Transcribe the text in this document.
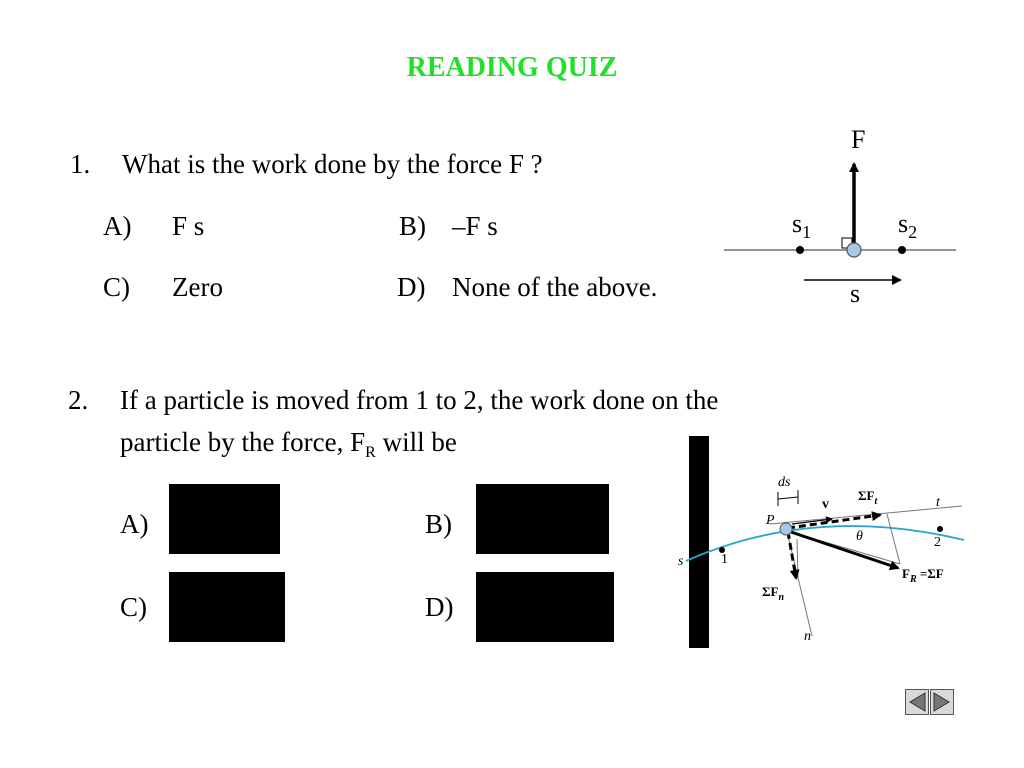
READING QUIZ
1. What is the work done by the force F ?
A) F s	B) –F s
C) Zero	D) None of the above.
F
$s_1$	$s_2$
s
2. If a particle is moved from 1 to 2, the work done on the
particle by the force, $F_R$ will be
A)	B)
C)	D)
ds
v
$\Sigma F_t$	t
P
θ	2
s	1
$\Sigma F_n$
$F_R =\Sigma F$
n
